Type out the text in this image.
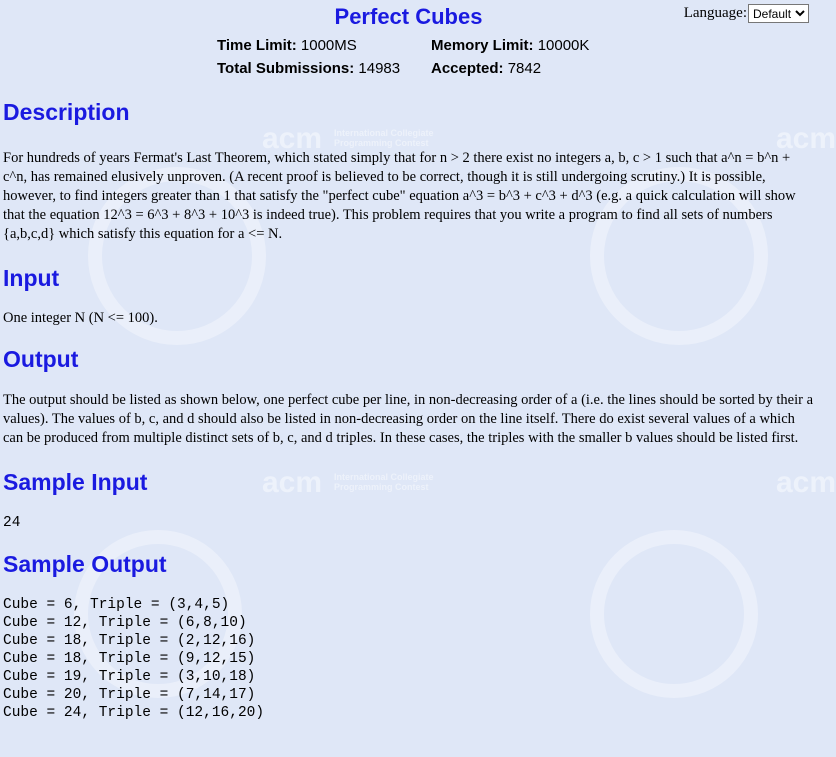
acm International Collegiate
Programming Contest
acm International Collegiate
Programming Contest
acm
acm
Perfect Cubes	Language:
Default
Time Limit: 1000MS	Memory Limit: 10000K
Total Submissions: 14983	Accepted: 7842
Description

For hundreds of years Fermat's Last Theorem, which stated simply that for n > 2 there exist no integers a, b, c > 1 such that a^n = b^n + c^n, has remained elusively unproven. (A recent proof is believed to be correct, though it is still undergoing scrutiny.) It is possible, however, to find integers greater than 1 that satisfy the "perfect cube" equation a^3 = b^3 + c^3 + d^3 (e.g. a quick calculation will show that the equation 12^3 = 6^3 + 8^3 + 10^3 is indeed true). This problem requires that you write a program to find all sets of numbers {a,b,c,d} which satisfy this equation for a <= N.

Input

One integer N (N <= 100).

Output

The output should be listed as shown below, one perfect cube per line, in non-decreasing order of a (i.e. the lines should be sorted by their a values). The values of b, c, and d should also be listed in non-decreasing order on the line itself. There do exist several values of a which can be produced from multiple distinct sets of b, c, and d triples. In these cases, the triples with the smaller b values should be listed first.

Sample Input
24
Sample Output
Cube = 6, Triple = (3,4,5)
Cube = 12, Triple = (6,8,10)
Cube = 18, Triple = (2,12,16)
Cube = 18, Triple = (9,12,15)
Cube = 19, Triple = (3,10,18)
Cube = 20, Triple = (7,14,17)
Cube = 24, Triple = (12,16,20)
